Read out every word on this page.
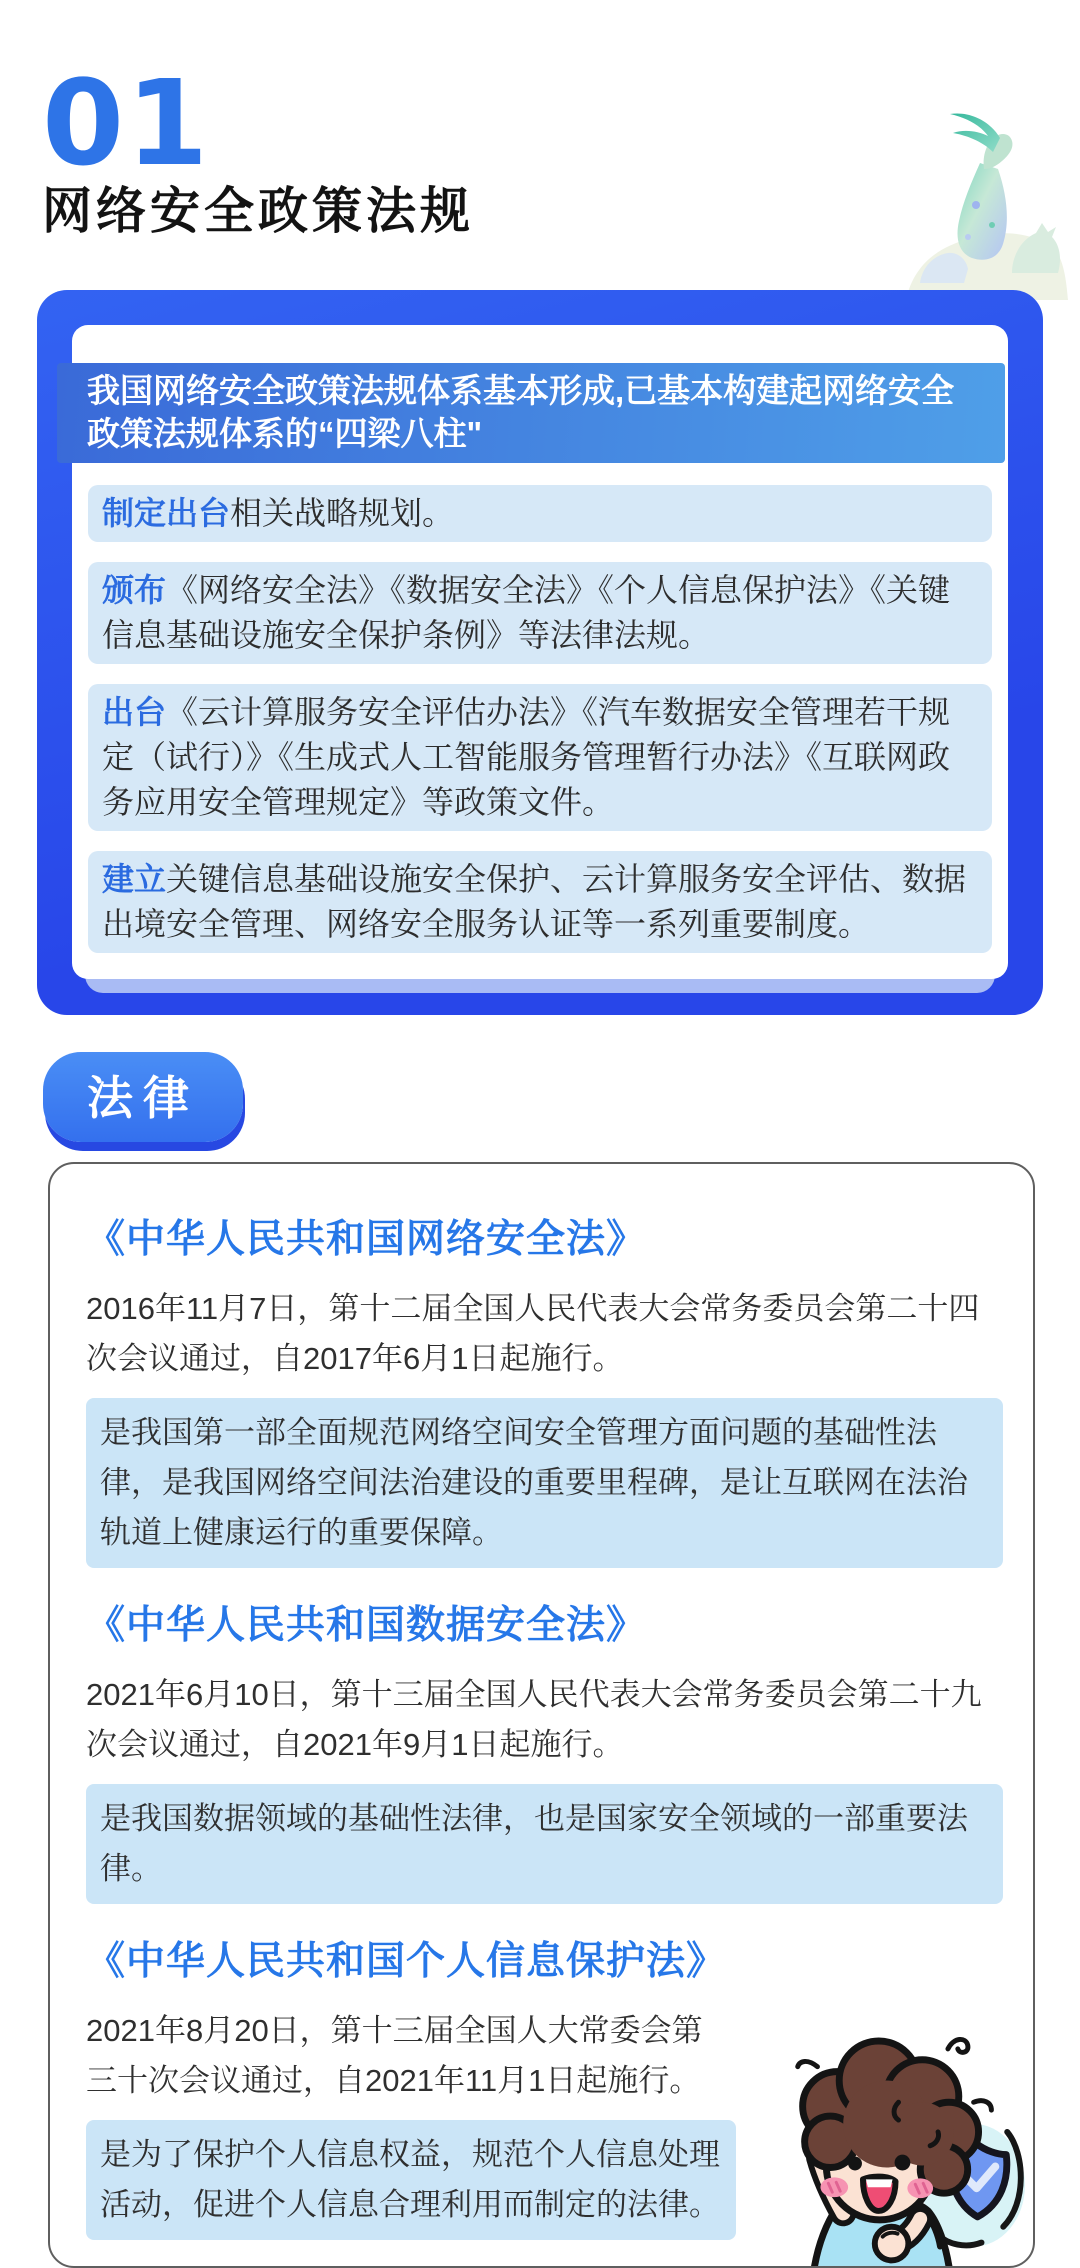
01
网络安全政策法规
我国网络安全政策法规体系基本形成,已基本构建起网络安全政策法规体系的“四梁八柱"
制定出台相关战略规划。
颁布《网络安全法》《数据安全法》《个人信息保护法》《关键信息基础设施安全保护条例》等法律法规。
出台《云计算服务安全评估办法》《汽车数据安全管理若干规定（试行）》《生成式人工智能服务管理暂行办法》《互联网政务应用安全管理规定》等政策文件。
建立关键信息基础设施安全保护、云计算服务安全评估、数据出境安全管理、网络安全服务认证等一系列重要制度。
法律
《中华人民共和国网络安全法》
2016年11月7日，第十二届全国人民代表大会常务委员会第二十四次会议通过，自2017年6月1日起施行。
是我国第一部全面规范网络空间安全管理方面问题的基础性法律，是我国网络空间法治建设的重要里程碑，是让互联网在法治轨道上健康运行的重要保障。
《中华人民共和国数据安全法》
2021年6月10日，第十三届全国人民代表大会常务委员会第二十九次会议通过，自2021年9月1日起施行。
是我国数据领域的基础性法律，也是国家安全领域的一部重要法律。
《中华人民共和国个人信息保护法》
2021年8月20日，第十三届全国人大常委会第三十次会议通过，自2021年11月1日起施行。
是为了保护个人信息权益，规范个人信息处理活动，促进个人信息合理利用而制定的法律。
